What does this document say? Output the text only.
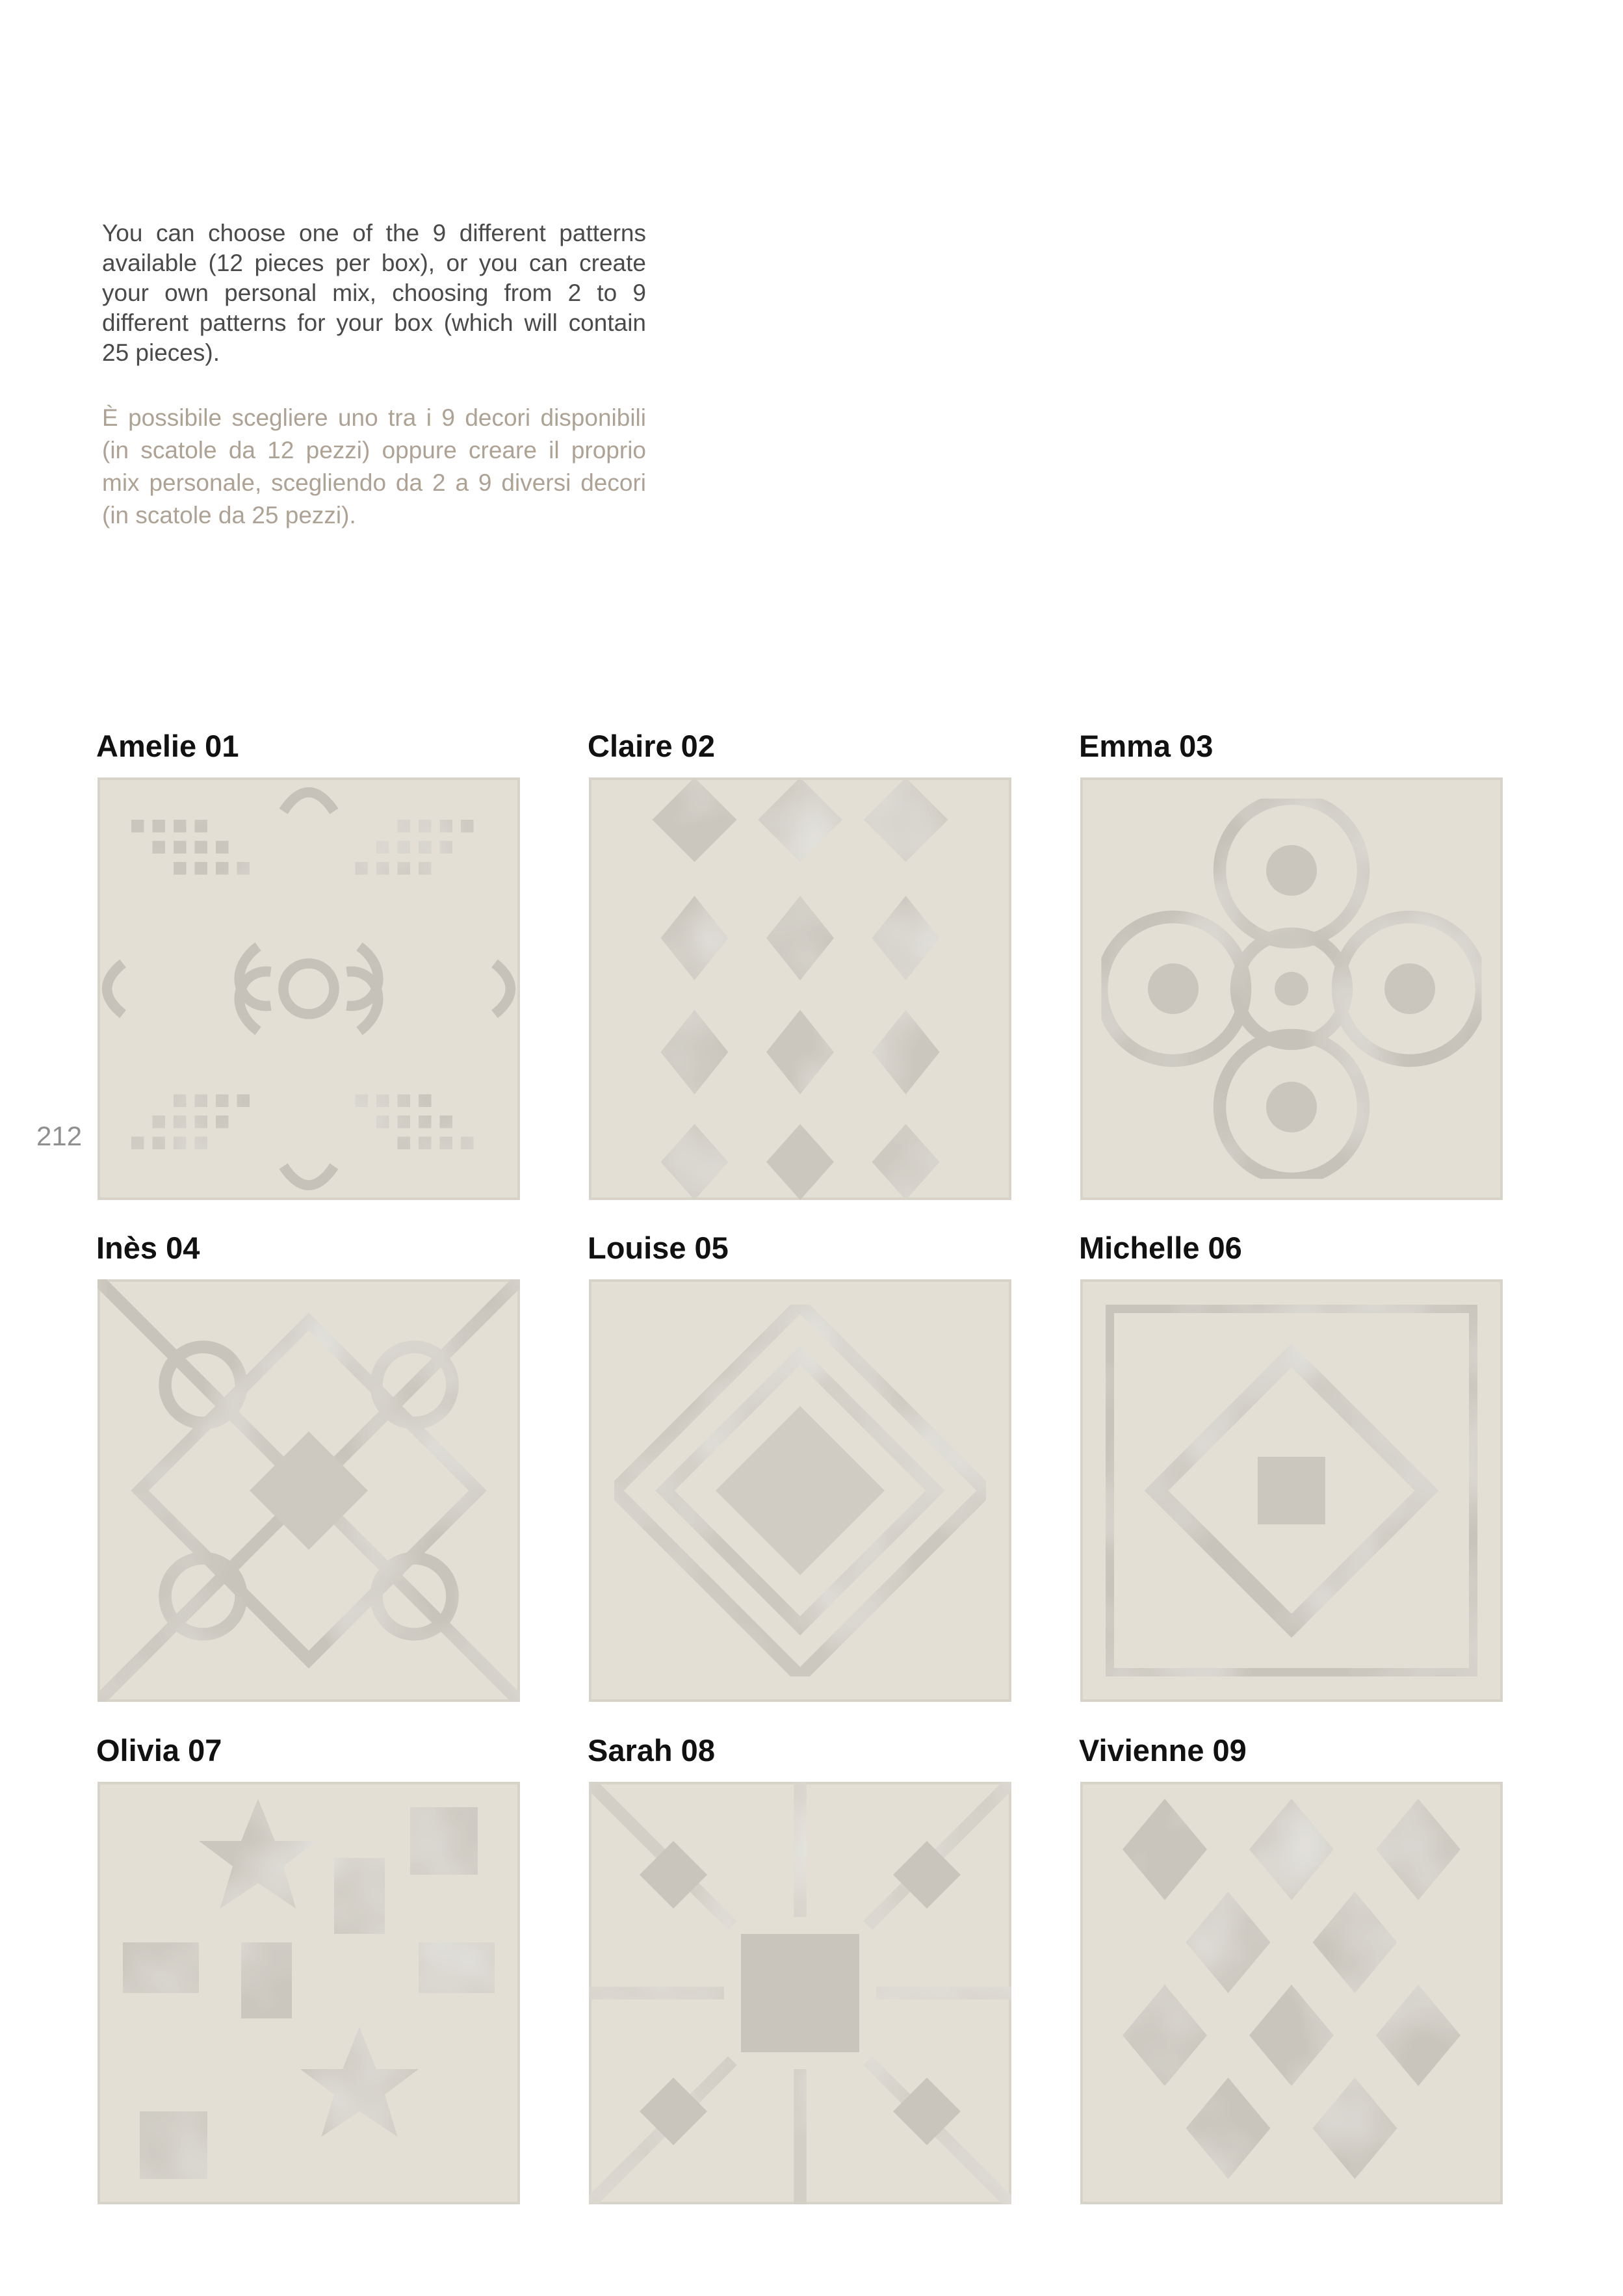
You can choose one of the 9 different patterns available (12 pieces per box), or you can create your own personal mix, choosing from 2 to 9 different patterns for your box (which will contain 25 pieces).

È possibile scegliere uno tra i 9 decori disponibili (in scatole da 12 pezzi) oppure creare il proprio mix personale, scegliendo da 2 a 9 diversi decori (in scatole da 25 pezzi).

212
Amelie 01	Claire 02	Emma 03
Inès 04	Louise 05	Michelle 06
Olivia 07	Sarah 08	Vivienne 09
